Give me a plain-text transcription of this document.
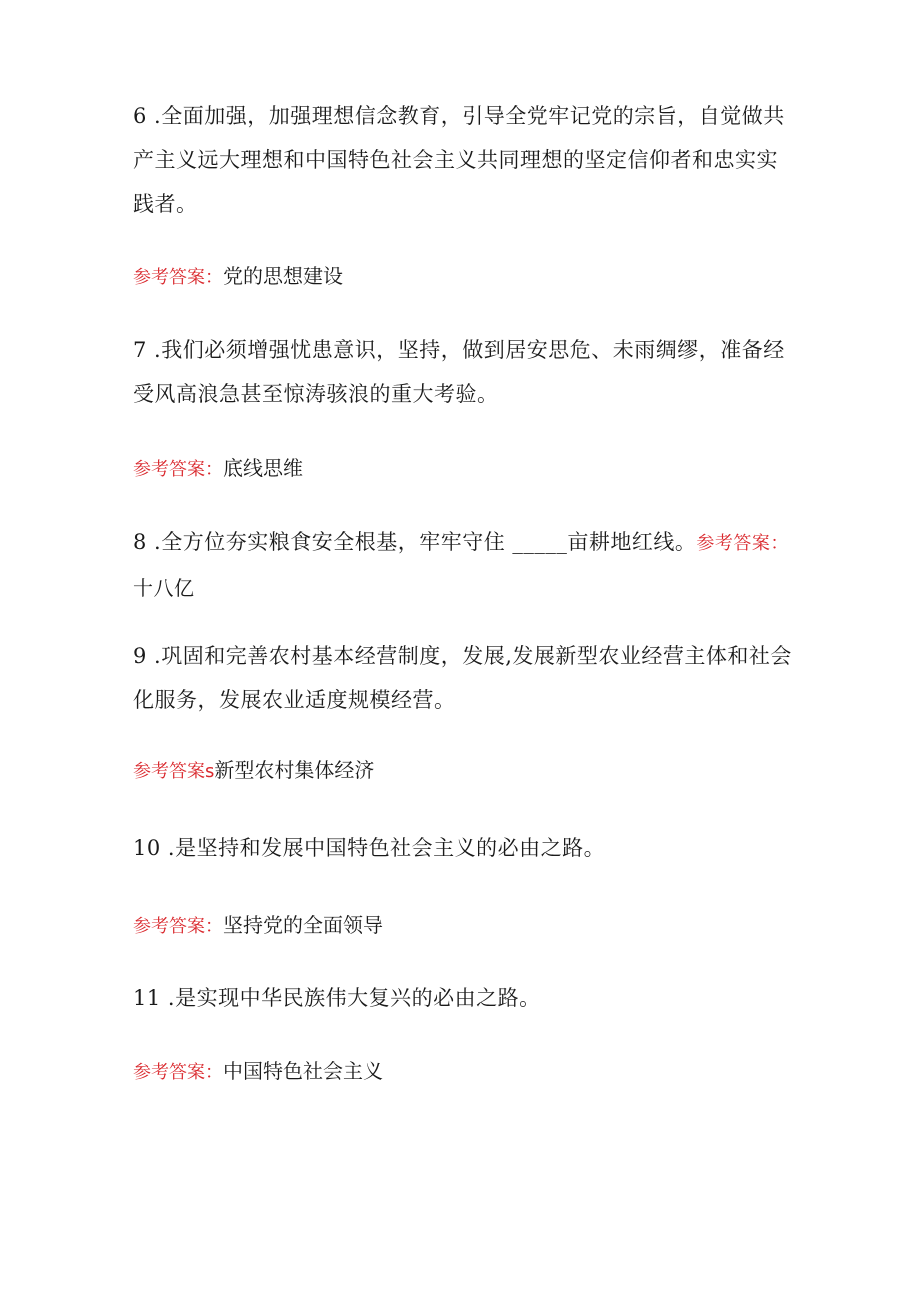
6 .全面加强，加强理想信念教育，引导全党牢记党的宗旨，自觉做共产主义远大理想和中国特色社会主义共同理想的坚定信仰者和忠实实践者。
参考答案：党的思想建设
7 .我们必须增强忧患意识，坚持，做到居安思危、未雨绸缪，准备经受风高浪急甚至惊涛骇浪的重大考验。
参考答案：底线思维
8 .全方位夯实粮食安全根基，牢牢守住 _____亩耕地红线。参考答案：十八亿
9 .巩固和完善农村基本经营制度，发展,发展新型农业经营主体和社会化服务，发展农业适度规模经营。
参考答案s新型农村集体经济
10 .是坚持和发展中国特色社会主义的必由之路。
参考答案：坚持党的全面领导
11 .是实现中华民族伟大复兴的必由之路。
参考答案：中国特色社会主义
